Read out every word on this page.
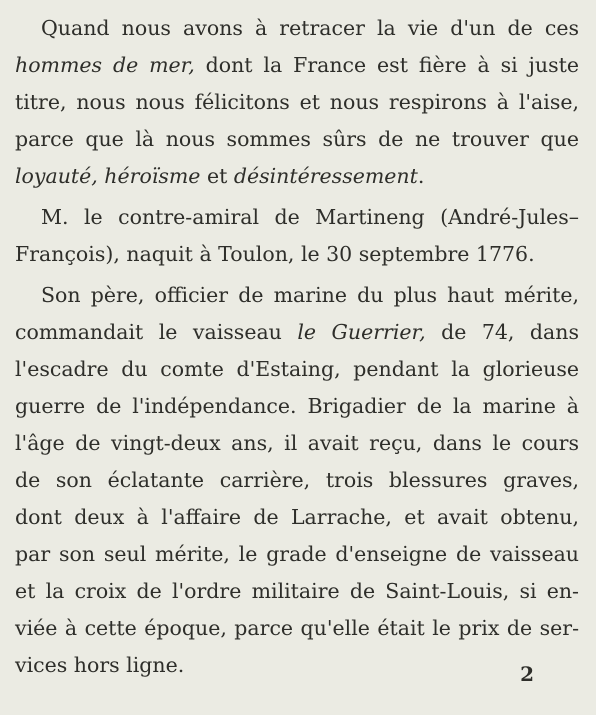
Quand nous avons à retracer la vie d'un de ces
hommes de mer, dont la France est fière à si juste
titre, nous nous félicitons et nous respirons à l'aise,
parce que là nous sommes sûrs de ne trouver que
loyauté, héroïsme et désintéressement.
M. le contre-amiral de Martineng (André-Jules–
François), naquit à Toulon, le 30 septembre 1776.
Son père, officier de marine du plus haut mérite,
commandait le vaisseau le Guerrier, de 74, dans
l'escadre du comte d'Estaing, pendant la glorieuse
guerre de l'indépendance. Brigadier de la marine à
l'âge de vingt-deux ans, il avait reçu, dans le cours
de son éclatante carrière, trois blessures graves,
dont deux à l'affaire de Larrache, et avait obtenu,
par son seul mérite, le grade d'enseigne de vaisseau
et la croix de l'ordre militaire de Saint-Louis, si en-
viée à cette époque, parce qu'elle était le prix de ser-
vices hors ligne.	2
